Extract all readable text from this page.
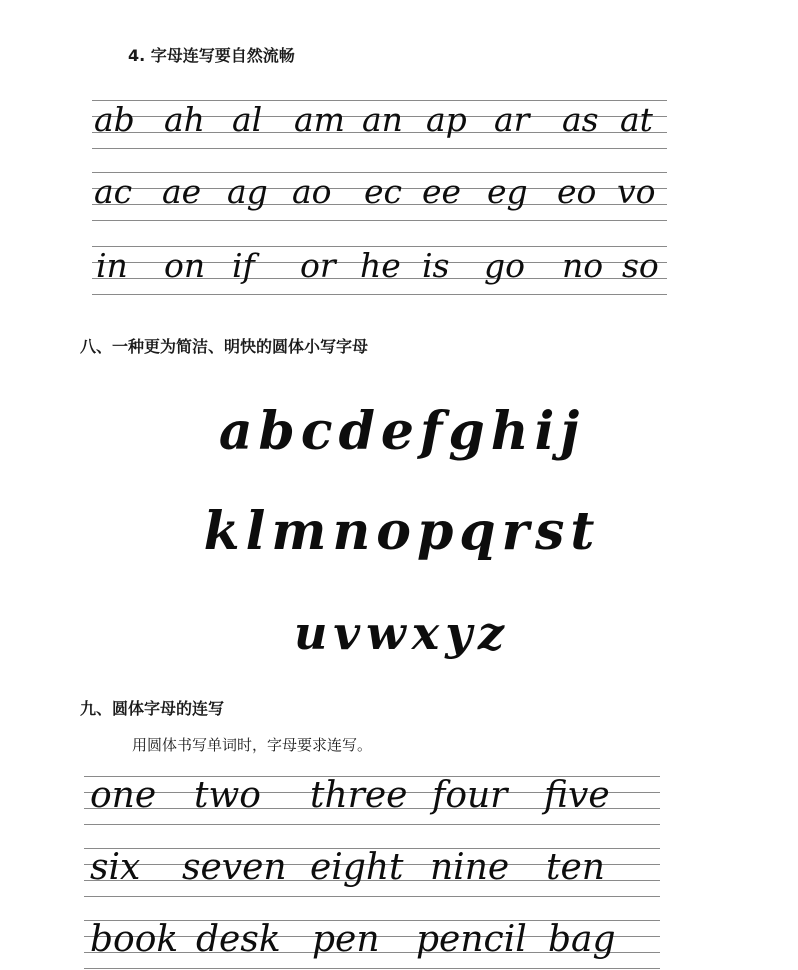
4. 字母连写要自然流畅
ab ah al am an ap ar as at
ac ae ag ao ec ee eg eo vo
in on if or he is go no so
八、一种更为简洁、明快的圆体小写字母
a b c d e f g h i j
k l m n o p q r s t
u v w x y z
九、圆体字母的连写
用圆体书写单词时，字母要求连写。
one two three four five
six seven eight nine ten
book desk pen pencil bag
